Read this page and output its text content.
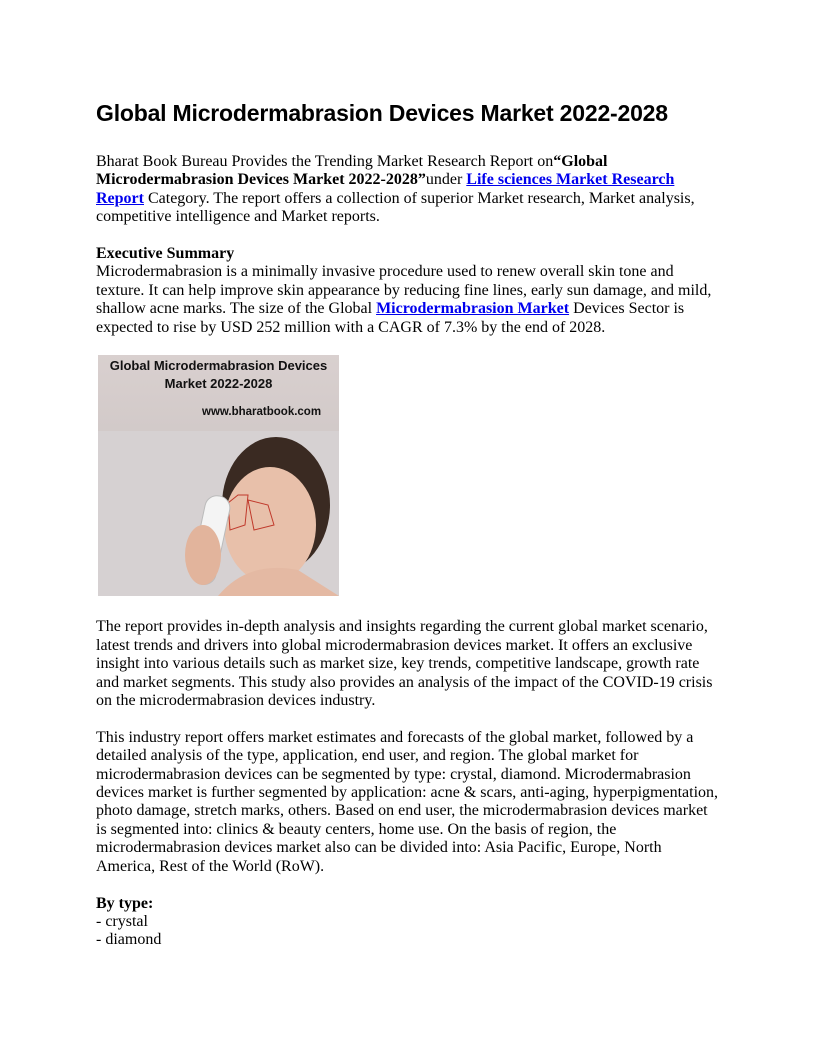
Global Microdermabrasion Devices Market 2022-2028

Bharat Book Bureau Provides the Trending Market Research Report on“Global Microdermabrasion Devices Market 2022-2028”under Life sciences Market Research Report Category. The report offers a collection of superior Market research, Market analysis, competitive intelligence and Market reports.

Executive Summary
Microdermabrasion is a minimally invasive procedure used to renew overall skin tone and texture. It can help improve skin appearance by reducing fine lines, early sun damage, and mild, shallow acne marks. The size of the Global Microdermabrasion Market Devices Sector is expected to rise by USD 252 million with a CAGR of 7.3% by the end of 2028.

Global Microdermabrasion Devices
Market 2022-2028
www.bharatbook.com

The report provides in-depth analysis and insights regarding the current global market scenario, latest trends and drivers into global microdermabrasion devices market. It offers an exclusive insight into various details such as market size, key trends, competitive landscape, growth rate and market segments. This study also provides an analysis of the impact of the COVID-19 crisis on the microdermabrasion devices industry.

This industry report offers market estimates and forecasts of the global market, followed by a detailed analysis of the type, application, end user, and region. The global market for microdermabrasion devices can be segmented by type: crystal, diamond. Microdermabrasion devices market is further segmented by application: acne & scars, anti-aging, hyperpigmentation, photo damage, stretch marks, others. Based on end user, the microdermabrasion devices market is segmented into: clinics & beauty centers, home use. On the basis of region, the microdermabrasion devices market also can be divided into: Asia Pacific, Europe, North America, Rest of the World (RoW).

By type:
- crystal
- diamond
